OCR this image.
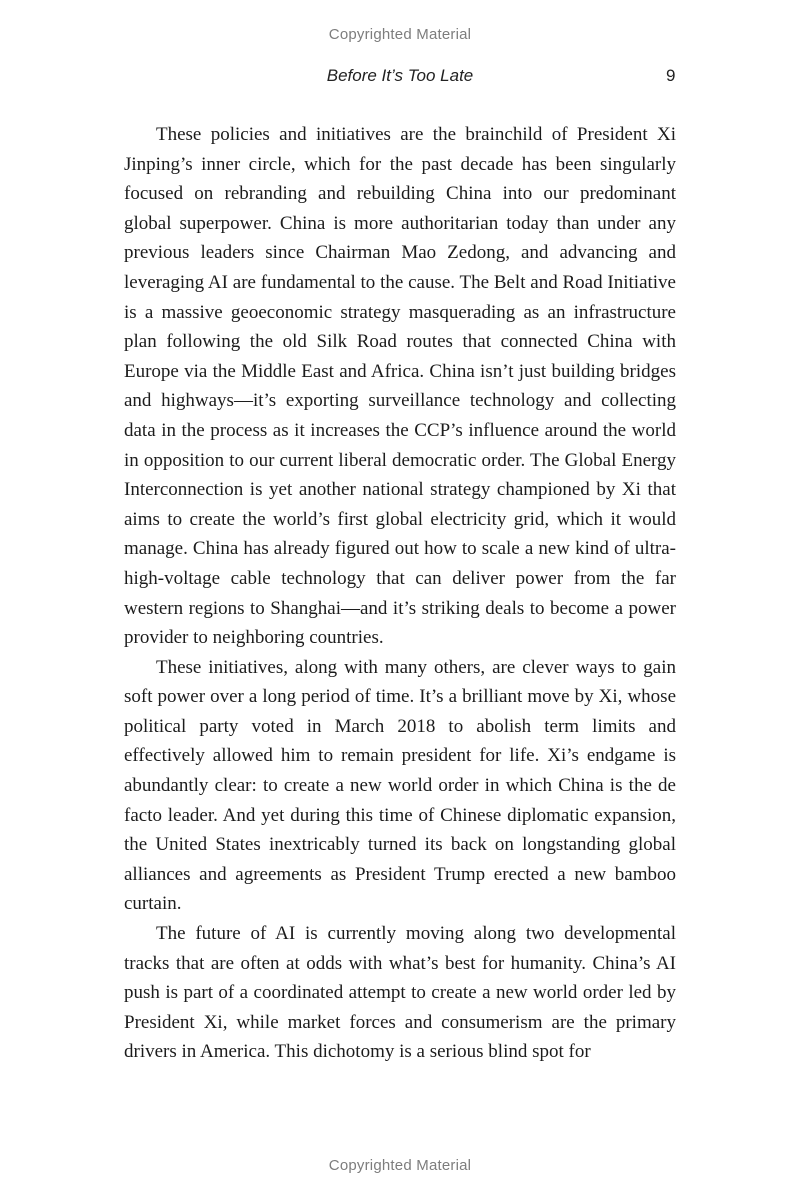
Copyrighted Material
Before It’s Too Late	9

These policies and initiatives are the brainchild of President Xi Jinping’s inner circle, which for the past decade has been singularly focused on rebranding and rebuilding China into our predominant global superpower. China is more authoritarian today than under any previous leaders since Chairman Mao Zedong, and advancing and leveraging AI are fundamental to the cause. The Belt and Road Initiative is a massive geoeconomic strategy masquerading as an infrastructure plan following the old Silk Road routes that connected China with Europe via the Middle East and Africa. China isn’t just building bridges and highways—it’s exporting surveillance technology and collecting data in the process as it increases the CCP’s influence around the world in opposition to our current liberal democratic order. The Global Energy Interconnection is yet another national strategy championed by Xi that aims to create the world’s first global electricity grid, which it would manage. China has already figured out how to scale a new kind of ultra-high-voltage cable technology that can deliver power from the far western regions to Shanghai—and it’s striking deals to become a power provider to neighboring countries.

These initiatives, along with many others, are clever ways to gain soft power over a long period of time. It’s a brilliant move by Xi, whose political party voted in March 2018 to abolish term limits and effectively allowed him to remain president for life. Xi’s endgame is abundantly clear: to create a new world order in which China is the de facto leader. And yet during this time of Chinese diplomatic expansion, the United States inextricably turned its back on longstanding global alliances and agreements as President Trump erected a new bamboo curtain.

The future of AI is currently moving along two developmental tracks that are often at odds with what’s best for humanity. China’s AI push is part of a coordinated attempt to create a new world order led by President Xi, while market forces and consumerism are the primary drivers in America. This dichotomy is a serious blind spot for

Copyrighted Material
